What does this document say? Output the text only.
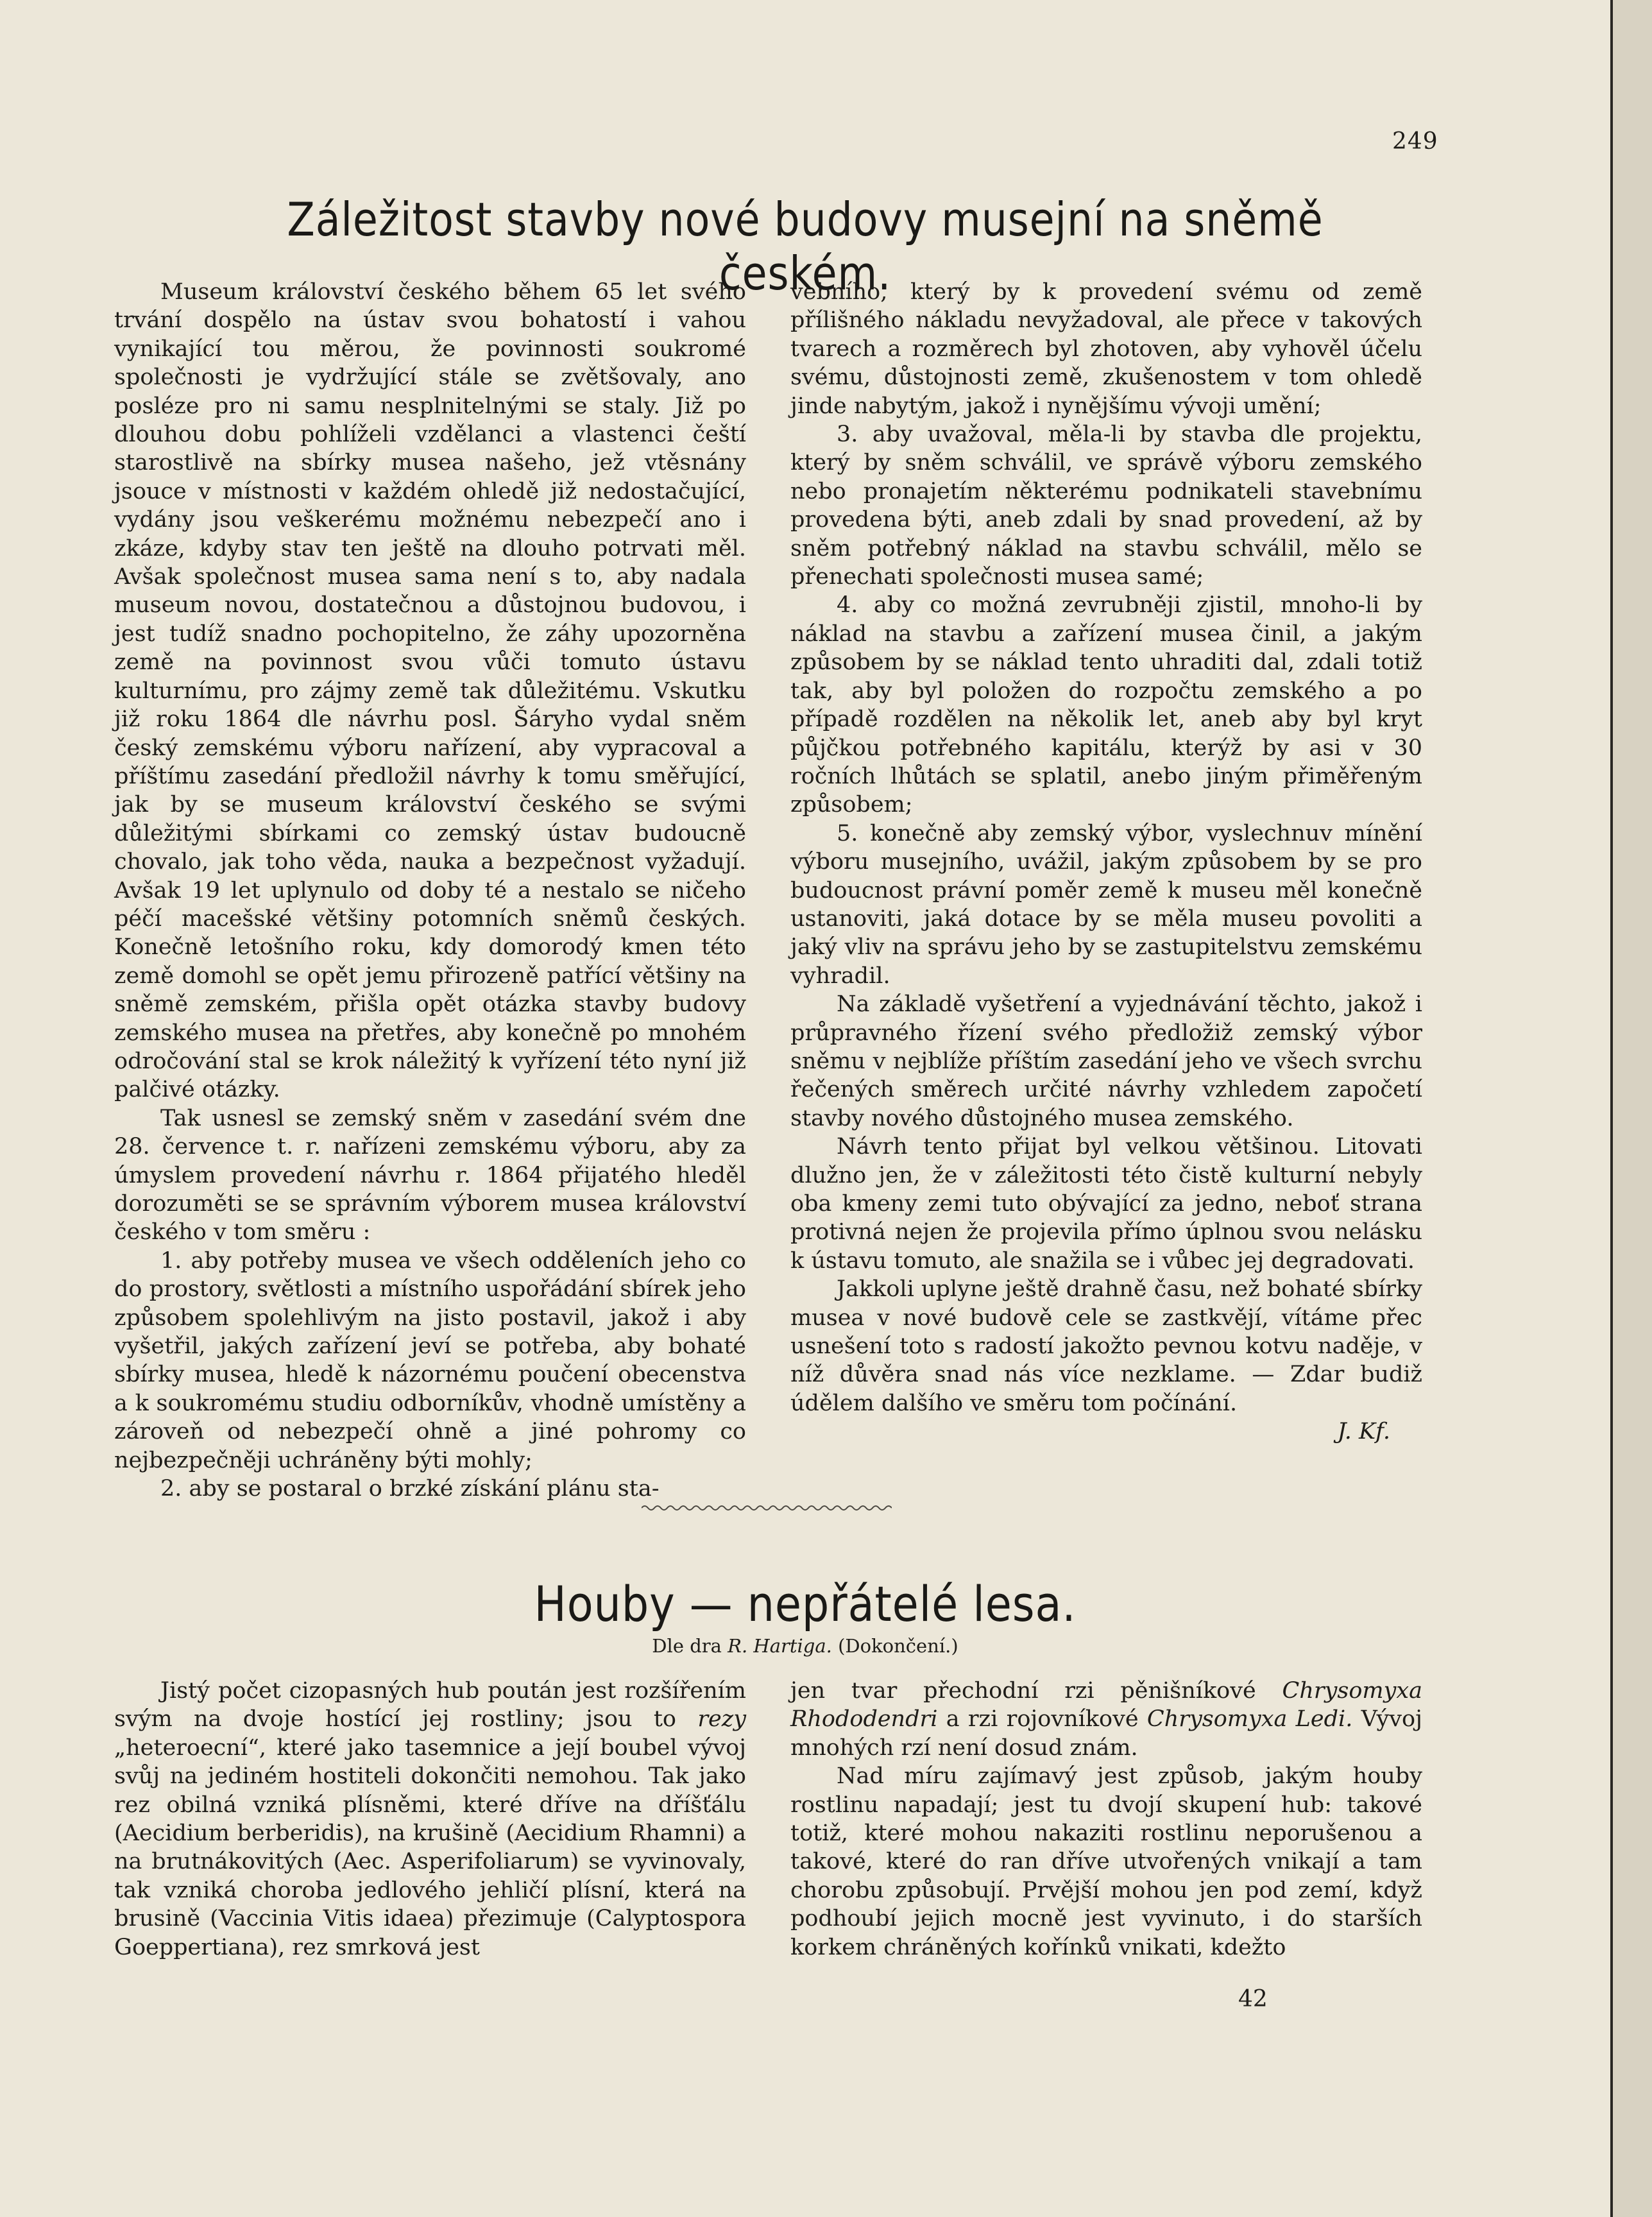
249
Záležitost stavby nové budovy musejní na sněmě českém.

Museum království českého během 65 let svého trvání dospělo na ústav svou bohatostí i vahou vynikající tou měrou, že povinnosti soukromé společnosti je vydržující stále se zvětšovaly, ano posléze pro ni samu nesplnitelnými se staly. Již po dlouhou dobu pohlíželi vzdělanci a vlastenci čeští starostlivě na sbírky musea našeho, jež vtěsnány jsouce v místnosti v každém ohledě již nedostačující, vydány jsou veškerému možnému nebezpečí ano i zkáze, kdyby stav ten ještě na dlouho potrvati měl. Avšak společnost musea sama není s to, aby nadala museum novou, dostatečnou a důstojnou budovou, i jest tudíž snadno pochopitelno, že záhy upozorněna země na povinnost svou vůči tomuto ústavu kulturnímu, pro zájmy země tak důležitému. Vskutku již roku 1864 dle návrhu posl. Šáryho vydal sněm český zemskému výboru nařízení, aby vypracoval a příštímu zasedání předložil návrhy k tomu směřující, jak by se museum království českého se svými důležitými sbírkami co zemský ústav budoucně chovalo, jak toho věda, nauka a bezpečnost vyžadují. Avšak 19 let uplynulo od doby té a nestalo se ničeho péčí macešské většiny potomních sněmů českých. Konečně letošního roku, kdy domorodý kmen této země domohl se opět jemu přirozeně patřící většiny na sněmě zemském, přišla opět otázka stavby budovy zemského musea na přetřes, aby konečně po mnohém odročování stal se krok náležitý k vyřízení této nyní již palčivé otázky.

Tak usnesl se zemský sněm v zasedání svém dne 28. července t. r. nařízeni zemskému výboru, aby za úmyslem provedení návrhu r. 1864 přijatého hleděl dorozuměti se se správním výborem musea království českého v tom směru :

1. aby potřeby musea ve všech odděleních jeho co do prostory, světlosti a místního uspořádání sbírek jeho způsobem spolehlivým na jisto postavil, jakož i aby vyšetřil, jakých zařízení jeví se potřeba, aby bohaté sbírky musea, hledě k názornému poučení obecenstva a k soukromému studiu odborníkův, vhodně umístěny a zároveň od nebezpečí ohně a jiné pohromy co nejbezpečněji uchráněny býti mohly;

2. aby se postaral o brzké získání plánu sta-

vebního, který by k provedení svému od země přílišného nákladu nevyžadoval, ale přece v takových tvarech a rozměrech byl zhotoven, aby vyhověl účelu svému, důstojnosti země, zkušenostem v tom ohledě jinde nabytým, jakož i nynějšímu vývoji umění;

3. aby uvažoval, měla-li by stavba dle projektu, který by sněm schválil, ve správě výboru zemského nebo pronajetím některému podnikateli stavebnímu provedena býti, aneb zdali by snad provedení, až by sněm potřebný náklad na stavbu schválil, mělo se přenechati společnosti musea samé;

4. aby co možná zevrubněji zjistil, mnoho-li by náklad na stavbu a zařízení musea činil, a jakým způsobem by se náklad tento uhraditi dal, zdali totiž tak, aby byl položen do rozpočtu zemského a po případě rozdělen na několik let, aneb aby byl kryt půjčkou potřebného kapitálu, kterýž by asi v 30 ročních lhůtách se splatil, anebo jiným přiměřeným způsobem;

5. konečně aby zemský výbor, vyslechnuv mínění výboru musejního, uvážil, jakým způsobem by se pro budoucnost právní poměr země k museu měl konečně ustanoviti, jaká dotace by se měla museu povoliti a jaký vliv na správu jeho by se zastupitelstvu zemskému vyhradil.

Na základě vyšetření a vyjednávání těchto, jakož i průpravného řízení svého předložiž zemský výbor sněmu v nejblíže příštím zasedání jeho ve všech svrchu řečených směrech určité návrhy vzhledem započetí stavby nového důstojného musea zemského.

Návrh tento přijat byl velkou většinou. Litovati dlužno jen, že v záležitosti této čistě kulturní nebyly oba kmeny zemi tuto obývající za jedno, neboť strana protivná nejen že projevila přímo úplnou svou nelásku k ústavu tomuto, ale snažila se i vůbec jej degradovati.

Jakkoli uplyne ještě drahně času, než bohaté sbírky musea v nové budově cele se zastkvějí, vítáme přec usnešení toto s radostí jakožto pevnou kotvu naděje, v níž důvěra snad nás více nezklame. — Zdar budiž údělem dalšího ve směru tom počínání.

J. Kf.

Houby — nepřátelé lesa.
Dle dra R. Hartiga. (Dokončení.)

Jistý počet cizopasných hub poután jest rozšířením svým na dvoje hostící jej rostliny; jsou to rezy „heteroecní“, které jako tasemnice a její boubel vývoj svůj na jediném hostiteli dokončiti nemohou. Tak jako rez obilná vzniká plísněmi, které dříve na dříšťálu (Aecidium berberidis), na krušině (Aecidium Rhamni) a na brutnákovitých (Aec. Asperifoliarum) se vyvinovaly, tak vzniká choroba jedlového jehličí plísní, která na brusině (Vaccinia Vitis idaea) přezimuje (Calyptospora Goeppertiana), rez smrková jest

jen tvar přechodní rzi pěnišníkové Chrysomyxa Rhododendri a rzi rojovníkové Chrysomyxa Ledi. Vývoj mnohých rzí není dosud znám.

Nad míru zajímavý jest způsob, jakým houby rostlinu napadají; jest tu dvojí skupení hub: takové totiž, které mohou nakaziti rostlinu neporušenou a takové, které do ran dříve utvořených vnikají a tam chorobu způsobují. Prvější mohou jen pod zemí, když podhoubí jejich mocně jest vyvinuto, i do starších korkem chráněných kořínků vnikati, kdežto

42
